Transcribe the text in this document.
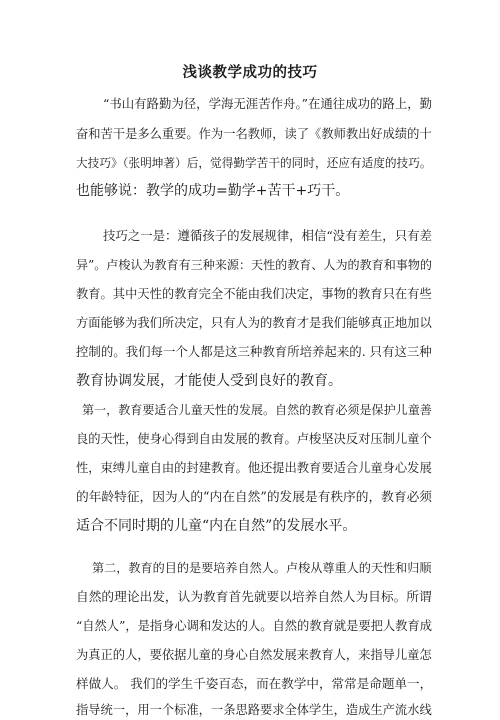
浅谈教学成功的技巧
“书山有路勤为径，学海无涯苦作舟。”在通往成功的路上，勤
奋和苦干是多么重要。作为一名教师，读了《教师教出好成绩的十
大技巧》（张明坤著）后，觉得勤学苦干的同时，还应有适度的技巧。
也能够说：教学的成功=勤学+苦干+巧干。
技巧之一是：遵循孩子的发展规律，相信“没有差生，只有差
异”。卢梭认为教育有三种来源：天性的教育、人为的教育和事物的
教育。其中天性的教育完全不能由我们决定，事物的教育只在有些
方面能够为我们所决定，只有人为的教育才是我们能够真正地加以
控制的。我们每一个人都是这三种教育所培养起来的. 只有这三种
教育协调发展，才能使人受到良好的教育。
第一，教育要适合儿童天性的发展。自然的教育必须是保护儿童善
良的天性，使身心得到自由发展的教育。卢梭坚决反对压制儿童个
性，束缚儿童自由的封建教育。他还提出教育要适合儿童身心发展
的年龄特征，因为人的“内在自然”的发展是有秩序的，教育必须
适合不同时期的儿童“内在自然”的发展水平。
第二，教育的目的是要培养自然人。卢梭从尊重人的天性和归顺
自然的理论出发，认为教育首先就要以培养自然人为目标。所谓
“自然人”，是指身心调和发达的人。自然的教育就是要把人教育成
为真正的人，要依据儿童的身心自然发展来教育人，来指导儿童怎
样做人。 我们的学生千姿百态，而在教学中，常常是命题单一，
指导统一，用一个标准，一条思路要求全体学生，造成生产流水线
